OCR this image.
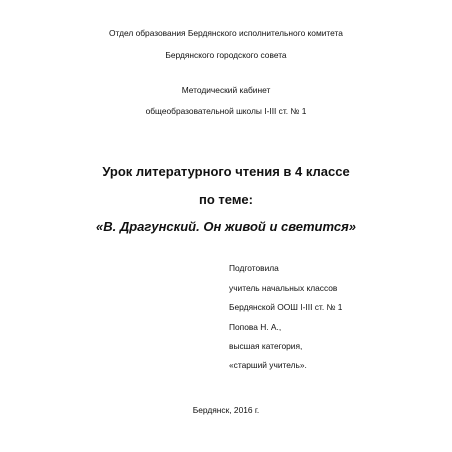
Отдел образования Бердянского исполнительного комитета
Бердянского городского совета
Методический кабинет
общеобразовательной школы І-ІІІ ст. № 1
Урок литературного чтения в 4 классе
по теме:
«В. Драгунский. Он живой и светится»
Подготовила
учитель начальных классов
Бердянской ООШ І-ІІІ ст. № 1
Попова Н. А.,
высшая категория,
«старший учитель».
Бердянск, 2016 г.
